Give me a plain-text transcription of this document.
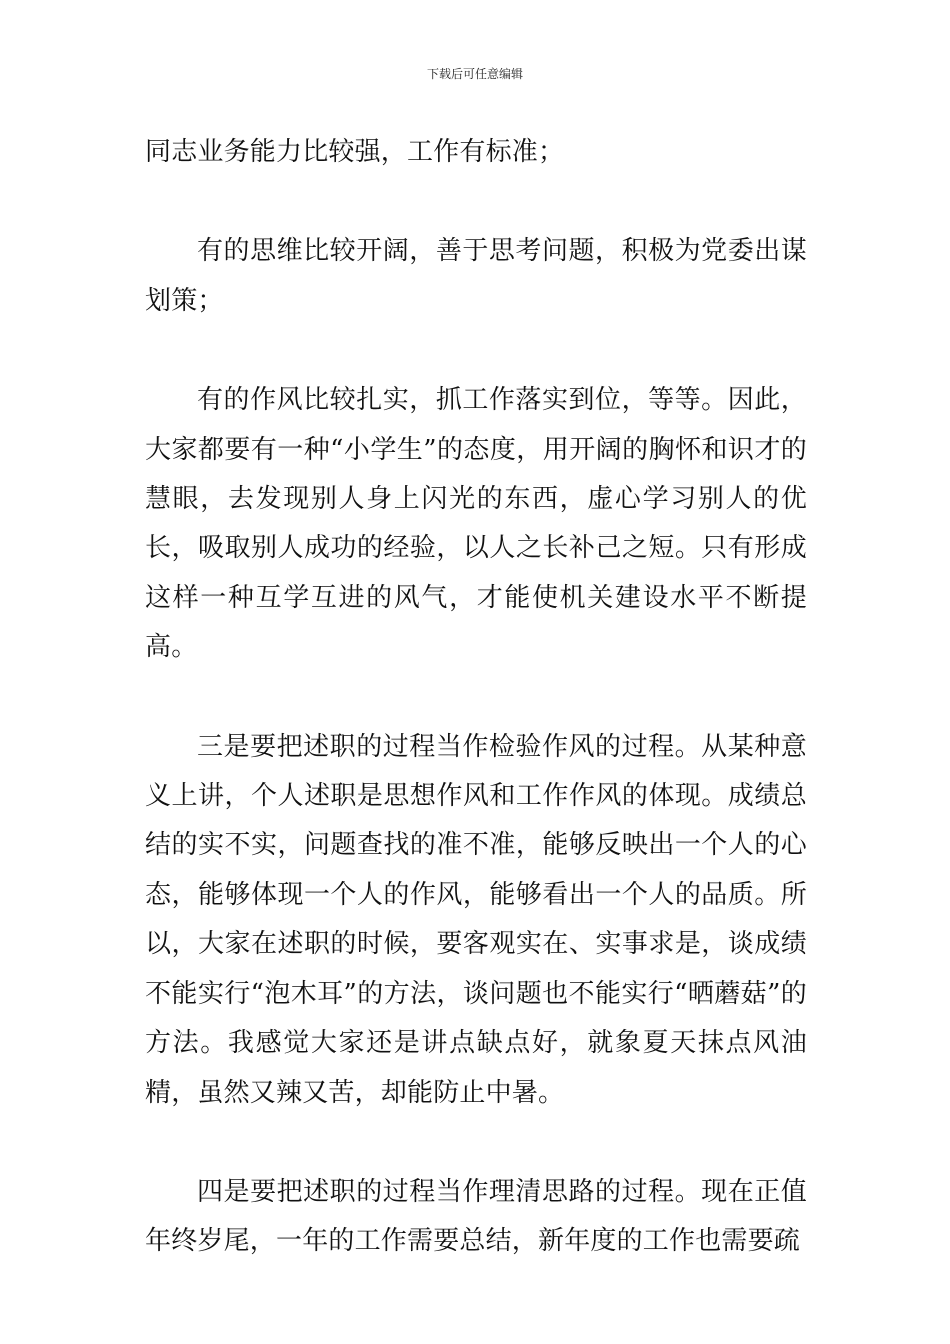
下载后可任意编辑

同志业务能力比较强，工作有标准；

有的思维比较开阔，善于思考问题，积极为党委出谋划策；

有的作风比较扎实，抓工作落实到位，等等。因此，大家都要有一种“小学生”的态度，用开阔的胸怀和识才的慧眼，去发现别人身上闪光的东西，虚心学习别人的优长，吸取别人成功的经验，以人之长补己之短。只有形成这样一种互学互进的风气，才能使机关建设水平不断提高。

三是要把述职的过程当作检验作风的过程。从某种意义上讲，个人述职是思想作风和工作作风的体现。成绩总结的实不实，问题查找的准不准，能够反映出一个人的心态，能够体现一个人的作风，能够看出一个人的品质。所以，大家在述职的时候，要客观实在、实事求是，谈成绩不能实行“泡木耳”的方法，谈问题也不能实行“晒蘑菇”的方法。我感觉大家还是讲点缺点好，就象夏天抹点风油精，虽然又辣又苦，却能防止中暑。

四是要把述职的过程当作理清思路的过程。现在正值年终岁尾，一年的工作需要总结，新年度的工作也需要疏
